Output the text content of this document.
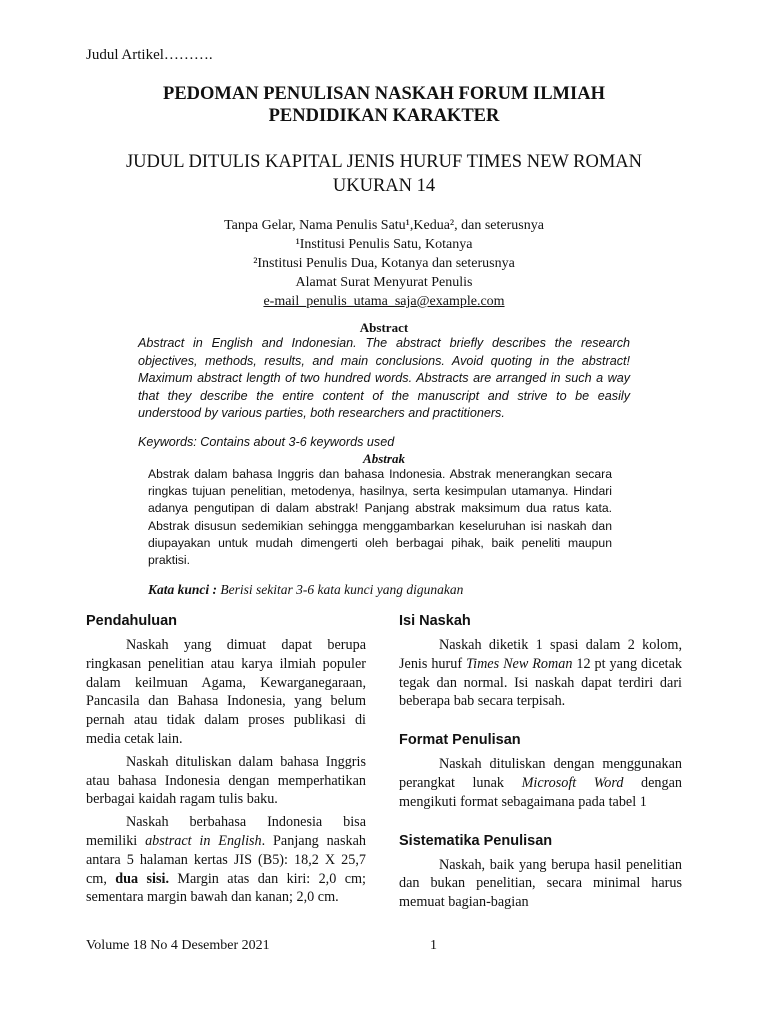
Judul Artikel……….
PEDOMAN PENULISAN NASKAH FORUM ILMIAH
PENDIDIKAN KARAKTER
JUDUL DITULIS KAPITAL JENIS HURUF TIMES NEW ROMAN
UKURAN 14
Tanpa Gelar, Nama Penulis Satu¹,Kedua², dan seterusnya
¹Institusi Penulis Satu, Kotanya
²Institusi Penulis Dua, Kotanya dan seterusnya
Alamat Surat Menyurat Penulis
e-mail_penulis_utama_saja@example.com
Abstract
Abstract in English and Indonesian. The abstract briefly describes the research objectives, methods, results, and main conclusions. Avoid quoting in the abstract! Maximum abstract length of two hundred words. Abstracts are arranged in such a way that they describe the entire content of the manuscript and strive to be easily understood by various parties, both researchers and practitioners.
Keywords: Contains about 3-6 keywords used
Abstrak
Abstrak dalam bahasa Inggris dan bahasa Indonesia. Abstrak menerangkan secara ringkas tujuan penelitian, metodenya, hasilnya, serta kesimpulan utamanya. Hindari adanya pengutipan di dalam abstrak! Panjang abstrak maksimum dua ratus kata. Abstrak disusun sedemikian sehingga menggambarkan keseluruhan isi naskah dan diupayakan untuk mudah dimengerti oleh berbagai pihak, baik peneliti maupun praktisi.
Kata kunci : Berisi sekitar 3-6 kata kunci yang digunakan
Pendahuluan

Naskah yang dimuat dapat berupa ringkasan penelitian atau karya ilmiah populer dalam keilmuan Agama, Kewarganegaraan, Pancasila dan Bahasa Indonesia, yang belum pernah atau tidak dalam proses publikasi di media cetak lain.

Naskah dituliskan dalam bahasa Inggris atau bahasa Indonesia dengan memperhatikan berbagai kaidah ragam tulis baku.

Naskah berbahasa Indonesia bisa memiliki abstract in English. Panjang naskah antara 5 halaman kertas JIS (B5): 18,2 X 25,7 cm, dua sisi. Margin atas dan kiri: 2,0 cm; sementara margin bawah dan kanan; 2,0 cm.

Isi Naskah

Naskah diketik 1 spasi dalam 2 kolom, Jenis huruf Times New Roman 12 pt yang dicetak tegak dan normal. Isi naskah dapat terdiri dari beberapa bab secara terpisah.

Format Penulisan

Naskah dituliskan dengan menggunakan perangkat lunak Microsoft Word dengan mengikuti format sebagaimana pada tabel 1

Sistematika Penulisan

Naskah, baik yang berupa hasil penelitian dan bukan penelitian, secara minimal harus memuat bagian-bagian

Volume 18 No 4 Desember 2021	1
